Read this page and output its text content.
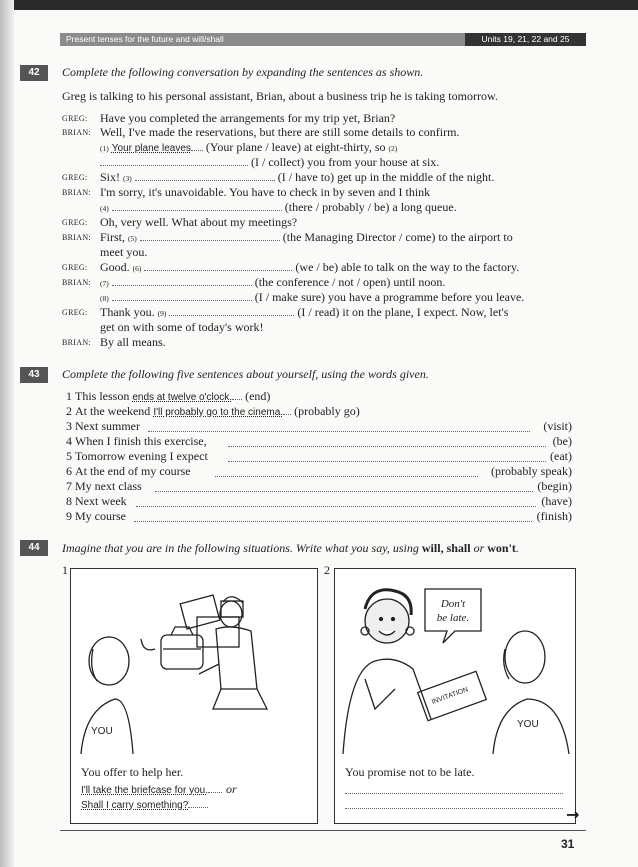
Present tenses for the future and will/shall	Units 19, 21, 22 and 25
42	Complete the following conversation by expanding the sentences as shown.
Greg is talking to his personal assistant, Brian, about a business trip he is taking tomorrow.
GREG: Have you completed the arrangements for my trip yet, Brian?
BRIAN: Well, I've made the reservations, but there are still some details to confirm.
(1) Your plane leaves (Your plane / leave) at eight-thirty, so (2)
(I / collect) you from your house at six.
GREG: Six! (3)	(I / have to) get up in the middle of the night.
BRIAN: I'm sorry, it's unavoidable. You have to check in by seven and I think
(4)	(there / probably / be) a long queue.
GREG: Oh, very well. What about my meetings?
BRIAN: First, (5)	(the Managing Director / come) to the airport to
meet you.
GREG: Good. (6)	(we / be) able to talk on the way to the factory.
BRIAN: (7)	(the conference / not / open) until noon.
(8)	(I / make sure) you have a programme before you leave.
GREG: Thank you. (9)	(I / read) it on the plane, I expect. Now, let's
get on with some of today's work!
BRIAN: By all means.
43	Complete the following five sentences about yourself, using the words given.
1 This lesson ends at twelve o'clock. (end)
2 At the weekend I'll probably go to the cinema. (probably go)
3 Next summer	(visit)
4 When I finish this exercise,	(be)
5 Tomorrow evening I expect	(eat)
6 At the end of my course	(probably speak)
7 My next class	(begin)
8 Next week	(have)
9 My course	(finish)
44	Imagine that you are in the following situations. Write what you say, using will, shall or won't.
1
YOU
You offer to help her.
I'll take the briefcase for you. or
Shall I carry something?
2
INVITATION
Don't
be late.
YOU
You promise not to be late.
→
31
